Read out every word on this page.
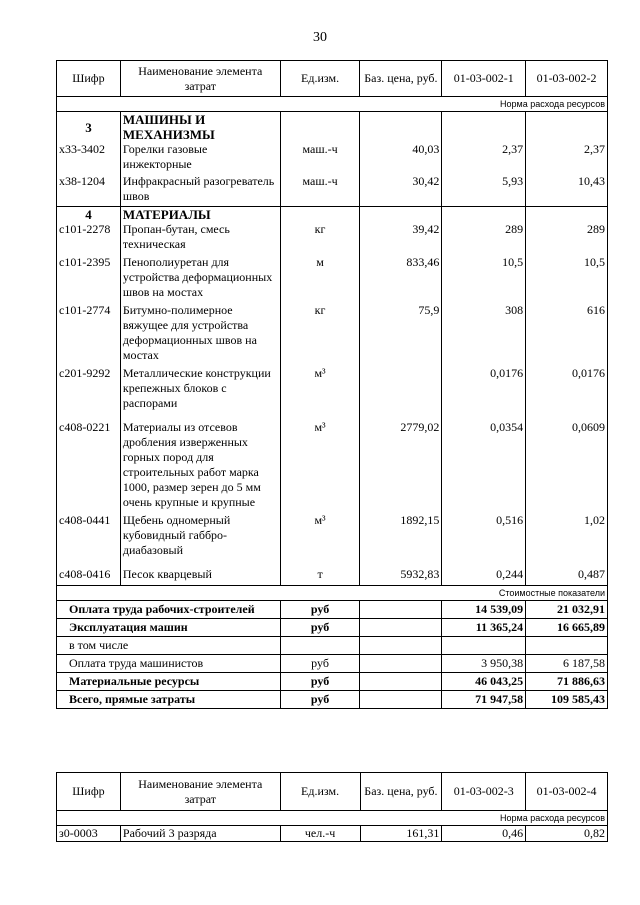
30
Шифр	Наименование элемента затрат	Ед.изм.	Баз. цена, руб.	01-03-002-1	01-03-002-2
Норма расхода ресурсов					
3	МАШИНЫ И МЕХАНИЗМЫ				
х33-3402	Горелки газовые инжекторные	маш.-ч	40,03	2,37	2,37
х38-1204	Инфракрасный разогреватель швов	маш.-ч	30,42	5,93	10,43
4	МАТЕРИАЛЫ				
с101-2278	Пропан-бутан, смесь техническая	кг	39,42	289	289
с101-2395	Пенополиуретан для устройства деформационных швов на мостах	м	833,46	10,5	10,5
с101-2774	Битумно-полимерное вяжущее для устройства деформационных швов на мостах	кг	75,9	308	616
с201-9292	Металлические конструкции крепежных блоков с распорами	м³		0,0176	0,0176
с408-0221	Материалы из отсевов дробления изверженных горных пород для строительных работ марка 1000, размер зерен до 5 мм очень крупные и крупные	м³	2779,02	0,0354	0,0609
с408-0441	Щебень одномерный кубовидный габбро-диабазовый	м³	1892,15	0,516	1,02
с408-0416	Песок кварцевый	т	5932,83	0,244	0,487
Стоимостные показатели					
Оплата труда рабочих-строителей		руб		14 539,09	21 032,91
Эксплуатация машин		руб		11 365,24	16 665,89
в том числе					
Оплата труда машинистов		руб		3 950,38	6 187,58
Материальные ресурсы		руб		46 043,25	71 886,63
Всего, прямые затраты		руб		71 947,58	109 585,43
Шифр	Наименование элемента затрат	Ед.изм.	Баз. цена, руб.	01-03-002-3	01-03-002-4
Норма расхода ресурсов					
з0-0003	Рабочий 3 разряда	чел.-ч	161,31	0,46	0,82
